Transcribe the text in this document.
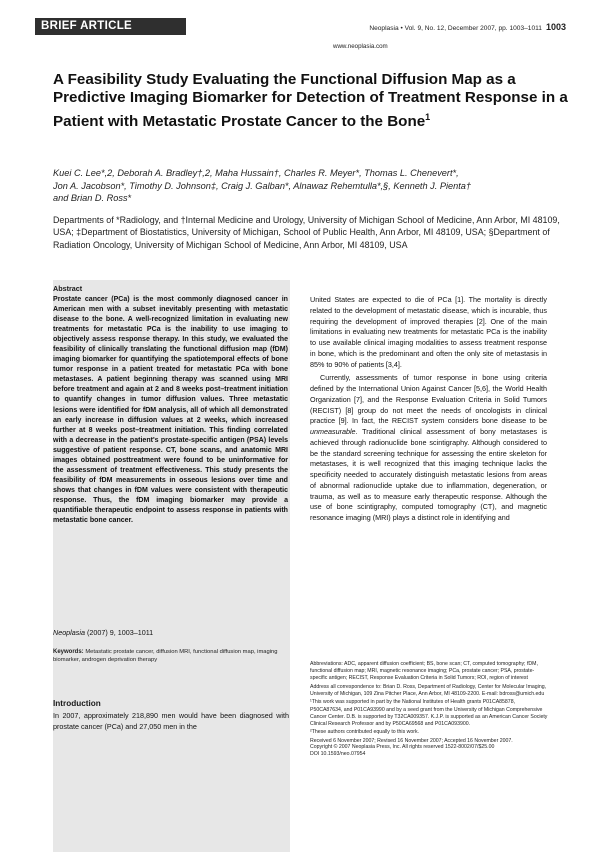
BRIEF ARTICLE	Neoplasia • Vol. 9, No. 12, December 2007, pp. 1003–1011 1003
www.neoplasia.com
A Feasibility Study Evaluating the Functional Diffusion Map as a Predictive Imaging Biomarker for Detection of Treatment Response in a Patient with Metastatic Prostate Cancer to the Bone$^1$
Kuei C. Lee*,2, Deborah A. Bradley†,2, Maha Hussain†, Charles R. Meyer*, Thomas L. Chenevert*,
Jon A. Jacobson*, Timothy D. Johnson‡, Craig J. Galban*, Alnawaz Rehemtulla*,§, Kenneth J. Pienta†
and Brian D. Ross*

Departments of *Radiology, and †Internal Medicine and Urology, University of Michigan School of Medicine, Ann Arbor, MI 48109, USA; ‡Department of Biostatistics, University of Michigan, School of Public Health, Ann Arbor, MI 48109, USA; §Department of Radiation Oncology, University of Michigan School of Medicine, Ann Arbor, MI 48109, USA

Abstract

Prostate cancer (PCa) is the most commonly diagnosed cancer in American men with a subset inevitably presenting with metastatic disease to the bone. A well-recognized limitation in evaluating new treatments for metastatic PCa is the inability to use imaging to objectively assess response therapy. In this study, we evaluated the feasibility of clinically translating the functional diffusion map (fDM) imaging biomarker for quantifying the spatiotemporal effects of bone tumor response in a patient treated for metastatic PCa with bone metastases. A patient beginning therapy was scanned using MRI before treatment and again at 2 and 8 weeks post–treatment initiation to quantify changes in tumor diffusion values. Three metastatic lesions were identified for fDM analysis, all of which all demonstrated an early increase in diffusion values at 2 weeks, which increased further at 8 weeks post–treatment initiation. This finding correlated with a decrease in the patient's prostate-specific antigen (PSA) levels suggestive of patient response. CT, bone scans, and anatomic MRI images obtained posttreatment were found to be uninformative for the assessment of treatment effectiveness. This study presents the feasibility of fDM measurements in osseous lesions over time and shows that changes in fDM values were consistent with therapeutic response. Thus, the fDM imaging biomarker may provide a quantifiable therapeutic endpoint to assess response in patients with metastatic bone cancer.

Neoplasia (2007) 9, 1003–1011

Keywords: Metastatic prostate cancer, diffusion MRI, functional diffusion map, imaging biomarker, androgen deprivation therapy

Introduction

In 2007, approximately 218,890 men would have been diagnosed with prostate cancer (PCa) and 27,050 men in the

United States are expected to die of PCa [1]. The mortality is directly related to the development of metastatic disease, which is incurable, thus requiring the development of improved therapies [2]. One of the main limitations in evaluating new treatments for metastatic PCa is the inability to use available clinical imaging modalities to assess treatment response in bone, which is the predominant and often the only site of metastasis in 85% to 90% of patients [3,4].

Currently, assessments of tumor response in bone using criteria defined by the International Union Against Cancer [5,6], the World Health Organization [7], and the Response Evaluation Criteria in Solid Tumors (RECIST) [8] group do not meet the needs of oncologists in clinical practice [9]. In fact, the RECIST system considers bone disease to be unmeasurable. Traditional clinical assessment of bony metastases is achieved through radionuclide bone scintigraphy. Although considered to be the standard screening technique for assessing the entire skeleton for metastases, it is well recognized that this imaging technique lacks the specificity needed to accurately distinguish metastatic lesions from areas of abnormal radionuclide uptake due to inflammation, degeneration, or trauma, as well as to measure early therapeutic response. Although the use of bone scintigraphy, computed tomography (CT), and magnetic resonance imaging (MRI) plays a distinct role in identifying and

Abbreviations: ADC, apparent diffusion coefficient; BS, bone scan; CT, computed tomography; fDM, functional diffusion map; MRI, magnetic resonance imaging; PCa, prostate cancer; PSA, prostate-specific antigen; RECIST, Response Evaluation Criteria in Solid Tumors; ROI, region of interest

Address all correspondence to: Brian D. Ross, Department of Radiology, Center for Molecular Imaging, University of Michigan, 109 Zina Pitcher Place, Ann Arbor, MI 48109-2200. E-mail: bdross@umich.edu

¹This work was supported in part by the National Institutes of Health grants P01CA85878, P50CA87634, and P01CA93990 and by a seed grant from the University of Michigan Comprehensive Cancer Center. D.B. is supported by T32CA009357. K.J.P. is supported as an American Cancer Society Clinical Research Professor and by P50CA69568 and P01CA093900.

²These authors contributed equally to this work.

Received 6 November 2007; Revised 16 November 2007; Accepted 16 November 2007.

Copyright © 2007 Neoplasia Press, Inc. All rights reserved 1522-8002/07/$25.00
DOI 10.1593/neo.07954
